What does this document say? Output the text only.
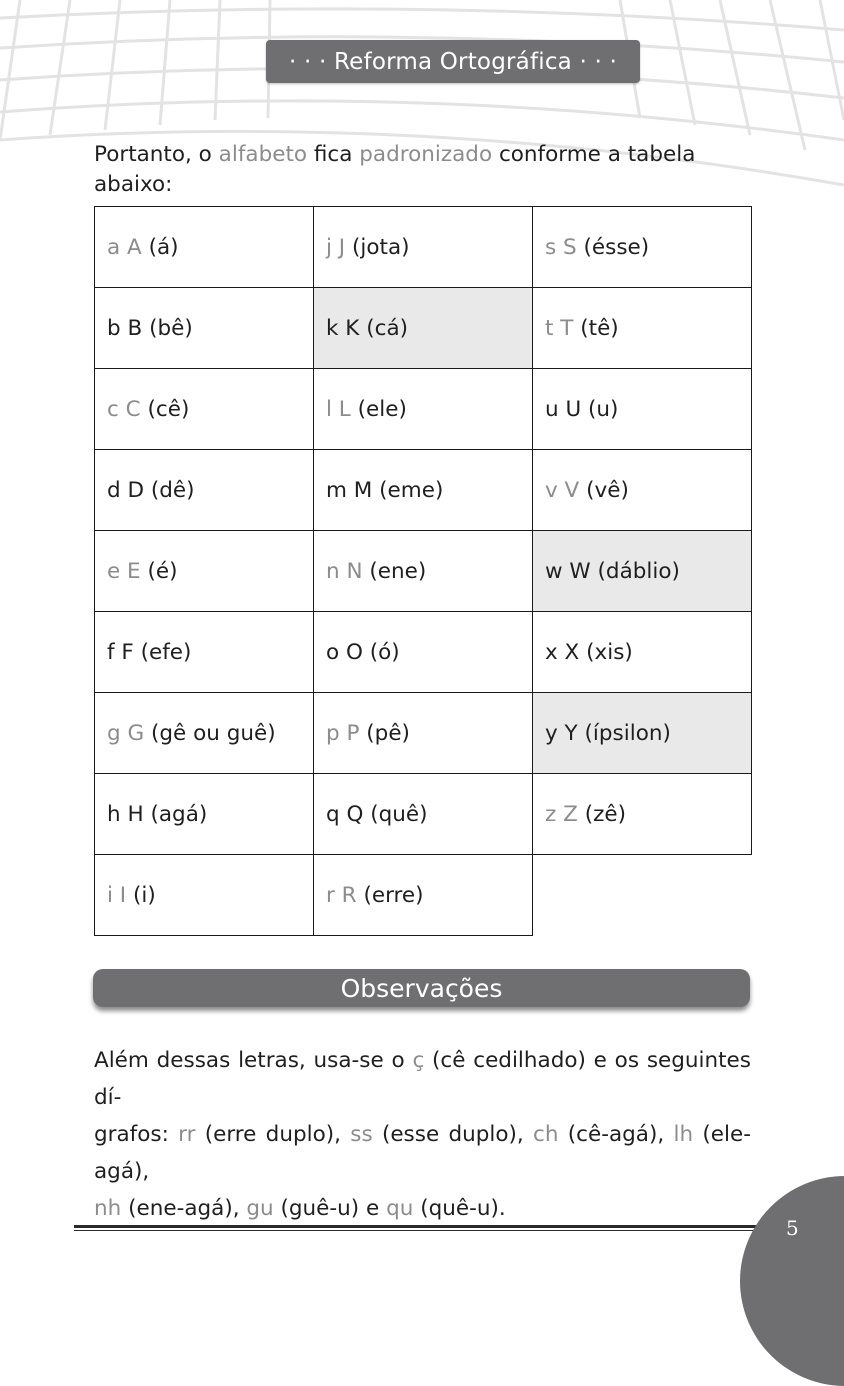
· · · Reforma Ortográfica · · ·
Portanto, o alfabeto fica padronizado conforme a tabela abaixo:
a A
(á)
b B
(bê)
c C
(cê)
d D
(dê)
e E
(é)
f F
(efe)
g G
(gê ou guê)
h H
(agá)
i I
(i)
j J
(jota)
k K
(cá)
l L
(ele)
m M
(eme)
n N
(ene)
o O
(ó)
p P
(pê)
q Q
(quê)
r R
(erre)
s S
(ésse)
t T
(tê)
u U
(u)
v V
(vê)
w W
(dáblio)
x X
(xis)
y Y
(ípsilon)
z Z
(zê)
Observações
Além dessas letras, usa-se o ç (cê cedilhado) e os seguintes dí-
grafos: rr (erre duplo), ss (esse duplo), ch (cê-agá), lh (ele-agá),
nh (ene-agá), gu (guê-u) e qu (quê-u).
5
